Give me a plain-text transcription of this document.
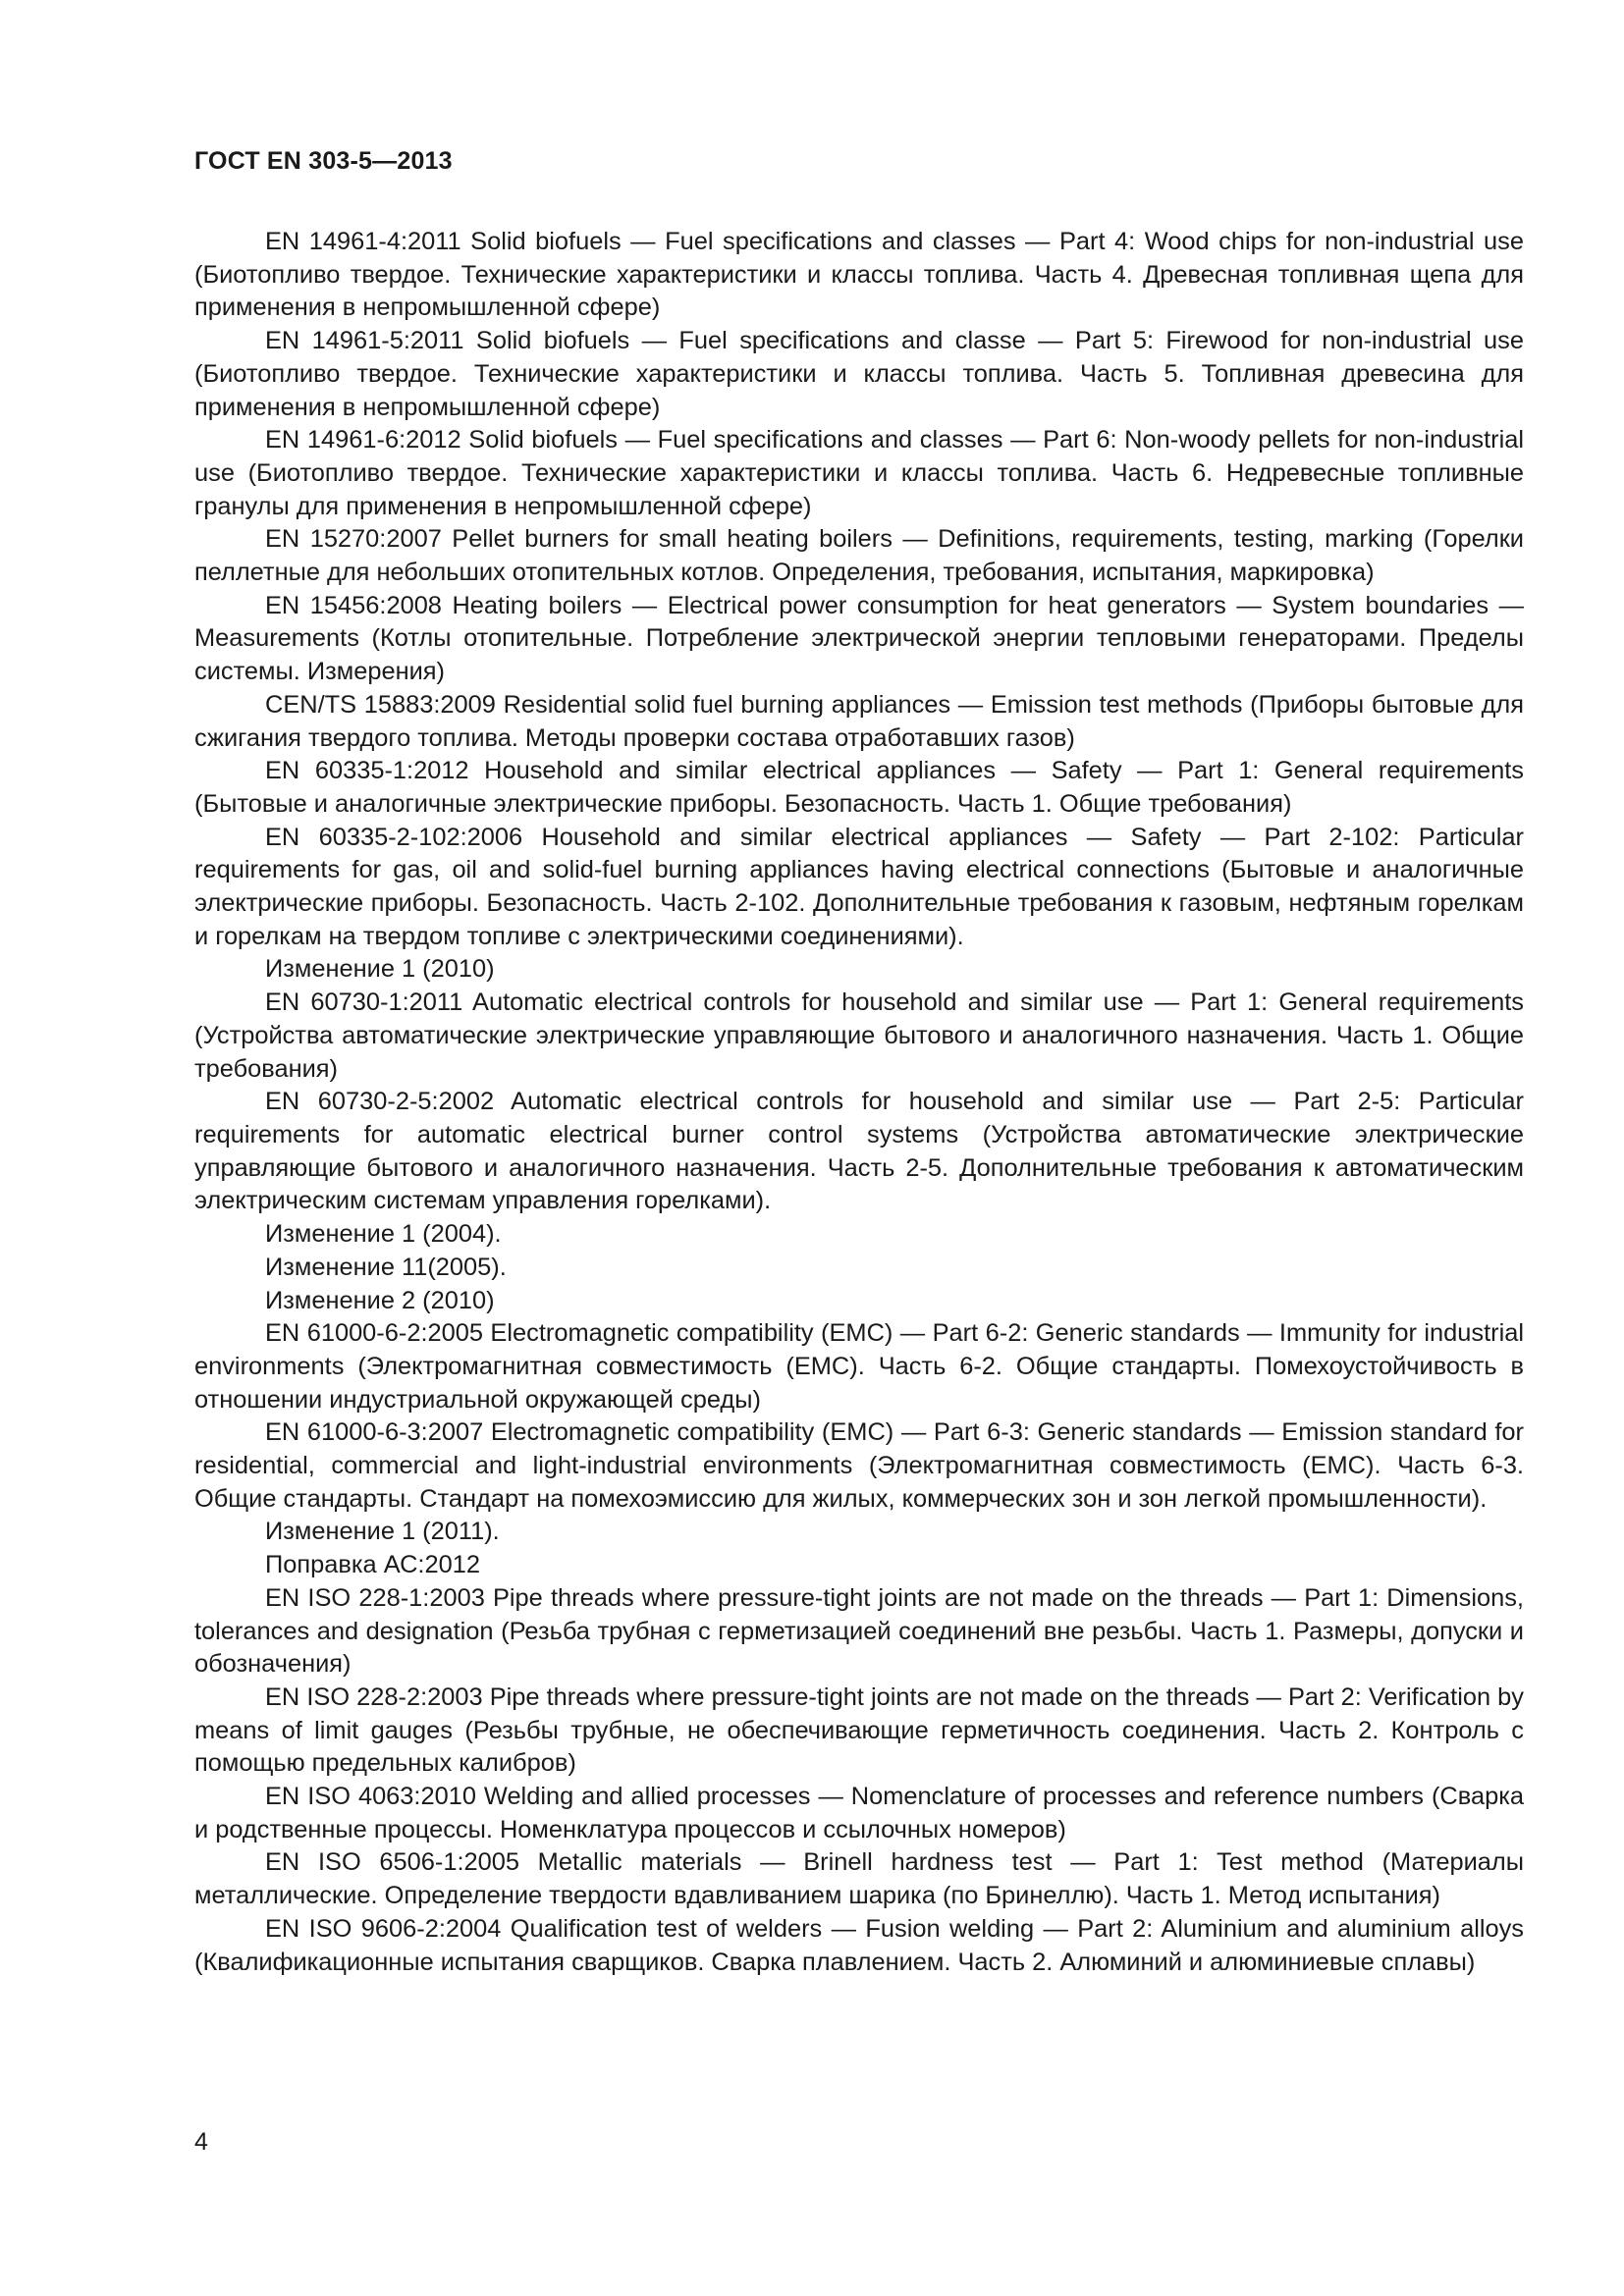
ГОСТ EN 303-5—2013

EN 14961-4:2011 Solid biofuels — Fuel specifications and classes — Part 4: Wood chips for non-industrial use (Биотопливо твердое. Технические характеристики и классы топлива. Часть 4. Древесная топливная щепа для применения в непромышленной сфере)

EN 14961-5:2011 Solid biofuels — Fuel specifications and classe — Part 5: Firewood for non-industrial use (Биотопливо твердое. Технические характеристики и классы топлива. Часть 5. Топливная древесина для применения в непромышленной сфере)

EN 14961-6:2012 Solid biofuels — Fuel specifications and classes — Part 6: Non-woody pellets for non-industrial use (Биотопливо твердое. Технические характеристики и классы топлива. Часть 6. Недревесные топливные гранулы для применения в непромышленной сфере)

EN 15270:2007 Pellet burners for small heating boilers — Definitions, requirements, testing, marking (Горелки пеллетные для небольших отопительных котлов. Определения, требования, испытания, маркировка)

EN 15456:2008 Heating boilers — Electrical power consumption for heat generators — System boundaries — Measurements (Котлы отопительные. Потребление электрической энергии тепловыми генераторами. Пределы системы. Измерения)

CEN/TS 15883:2009 Residential solid fuel burning appliances — Emission test methods (Приборы бытовые для сжигания твердого топлива. Методы проверки состава отработавших газов)

EN 60335-1:2012 Household and similar electrical appliances — Safety — Part 1: General requirements (Бытовые и аналогичные электрические приборы. Безопасность. Часть 1. Общие требования)

EN 60335-2-102:2006 Household and similar electrical appliances — Safety — Part 2-102: Particular requirements for gas, oil and solid-fuel burning appliances having electrical connections (Бытовые и аналогичные электрические приборы. Безопасность. Часть 2-102. Дополнительные требования к газовым, нефтяным горелкам и горелкам на твердом топливе с электрическими соединениями).

Изменение 1 (2010)

EN 60730-1:2011 Automatic electrical controls for household and similar use — Part 1: General requirements (Устройства автоматические электрические управляющие бытового и аналогичного назначения. Часть 1. Общие требования)

EN 60730-2-5:2002 Automatic electrical controls for household and similar use — Part 2-5: Particular requirements for automatic electrical burner control systems (Устройства автоматические электрические управляющие бытового и аналогичного назначения. Часть 2-5. Дополнительные требования к автоматическим электрическим системам управления горелками).

Изменение 1 (2004).

Изменение 11(2005).

Изменение 2 (2010)

EN 61000-6-2:2005 Electromagnetic compatibility (EMC) — Part 6-2: Generic standards — Immunity for industrial environments (Электромагнитная совместимость (EMC). Часть 6-2. Общие стандарты. Помехоустойчивость в отношении индустриальной окружающей среды)

EN 61000-6-3:2007 Electromagnetic compatibility (EMC) — Part 6-3: Generic standards — Emission standard for residential, commercial and light-industrial environments (Электромагнитная совместимость (EMC). Часть 6-3. Общие стандарты. Стандарт на помехоэмиссию для жилых, коммерческих зон и зон легкой промышленности).

Изменение 1 (2011).

Поправка АС:2012

EN ISO 228-1:2003 Pipe threads where pressure-tight joints are not made on the threads — Part 1: Dimensions, tolerances and designation (Резьба трубная с герметизацией соединений вне резьбы. Часть 1. Размеры, допуски и обозначения)

EN ISO 228-2:2003 Pipe threads where pressure-tight joints are not made on the threads — Part 2: Verification by means of limit gauges (Резьбы трубные, не обеспечивающие герметичность соединения. Часть 2. Контроль с помощью предельных калибров)

EN ISO 4063:2010 Welding and allied processes — Nomenclature of processes and reference numbers (Сварка и родственные процессы. Номенклатура процессов и ссылочных номеров)

EN ISO 6506-1:2005 Metallic materials — Brinell hardness test — Part 1: Test method (Материалы металлические. Определение твердости вдавливанием шарика (по Бринеллю). Часть 1. Метод испытания)

EN ISO 9606-2:2004 Qualification test of welders — Fusion welding — Part 2: Aluminium and aluminium alloys (Квалификационные испытания сварщиков. Сварка плавлением. Часть 2. Алюминий и алюминиевые сплавы)

4
